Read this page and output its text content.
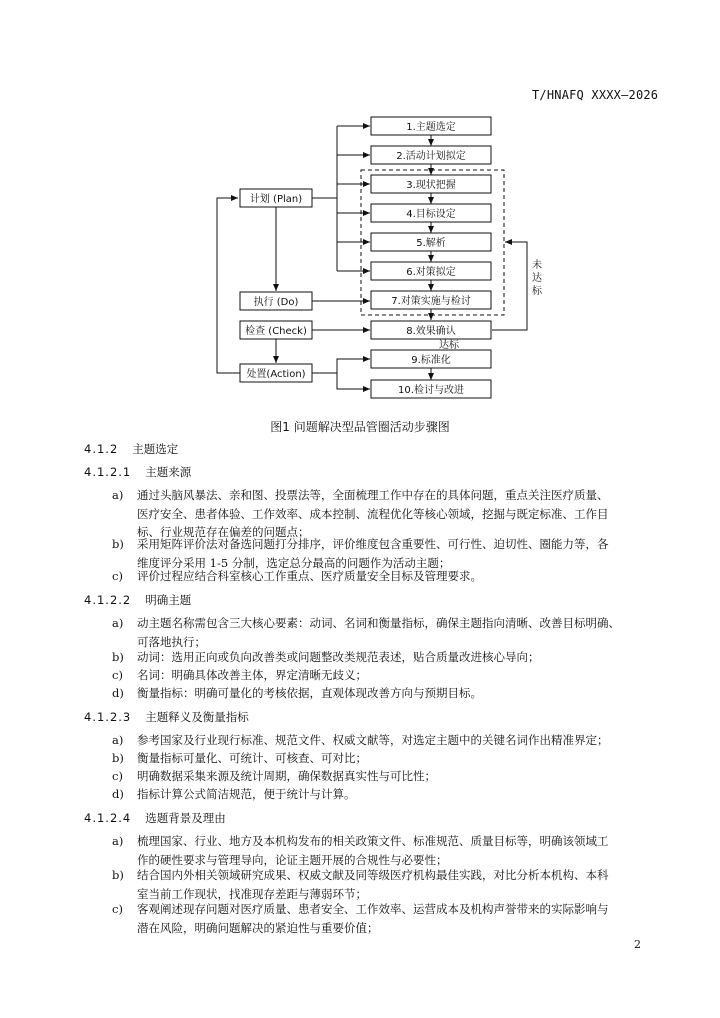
T/HNAFQ XXXX—2026
1.主题选定
2.活动计划拟定
3.现状把握
4.目标设定
5.解析
6.对策拟定
7.对策实施与检讨
8.效果确认
9.标准化
10.检讨与改进
计划 (Plan)
执行 (Do)
检查 (Check)
处置(Action)
未
达
标
达标
图1 问题解决型品管圈活动步骤图
4.1.2 主题选定
4.1.2.1 主题来源
a) 通过头脑风暴法、亲和图、投票法等，全面梳理工作中存在的具体问题，重点关注医疗质量、
医疗安全、患者体验、工作效率、成本控制、流程优化等核心领域，挖掘与既定标准、工作目
标、行业规范存在偏差的问题点；
b) 采用矩阵评价法对备选问题打分排序，评价维度包含重要性、可行性、迫切性、圈能力等，各
维度评分采用 1-5 分制，选定总分最高的问题作为活动主题；
c) 评价过程应结合科室核心工作重点、医疗质量安全目标及管理要求。
4.1.2.2 明确主题
a) 动主题名称需包含三大核心要素：动词、名词和衡量指标，确保主题指向清晰、改善目标明确、
可落地执行；
b) 动词：选用正向或负向改善类或问题整改类规范表述，贴合质量改进核心导向；
c) 名词：明确具体改善主体，界定清晰无歧义；
d) 衡量指标：明确可量化的考核依据，直观体现改善方向与预期目标。
4.1.2.3 主题释义及衡量指标
a) 参考国家及行业现行标准、规范文件、权威文献等，对选定主题中的关键名词作出精准界定；
b) 衡量指标可量化、可统计、可核查、可对比；
c) 明确数据采集来源及统计周期，确保数据真实性与可比性；
d) 指标计算公式简洁规范，便于统计与计算。
4.1.2.4 选题背景及理由
a) 梳理国家、行业、地方及本机构发布的相关政策文件、标准规范、质量目标等，明确该领域工
作的硬性要求与管理导向，论证主题开展的合规性与必要性；
b) 结合国内外相关领域研究成果、权威文献及同等级医疗机构最佳实践，对比分析本机构、本科
室当前工作现状，找准现存差距与薄弱环节；
c) 客观阐述现存问题对医疗质量、患者安全、工作效率、运营成本及机构声誉带来的实际影响与
潜在风险，明确问题解决的紧迫性与重要价值；
2
